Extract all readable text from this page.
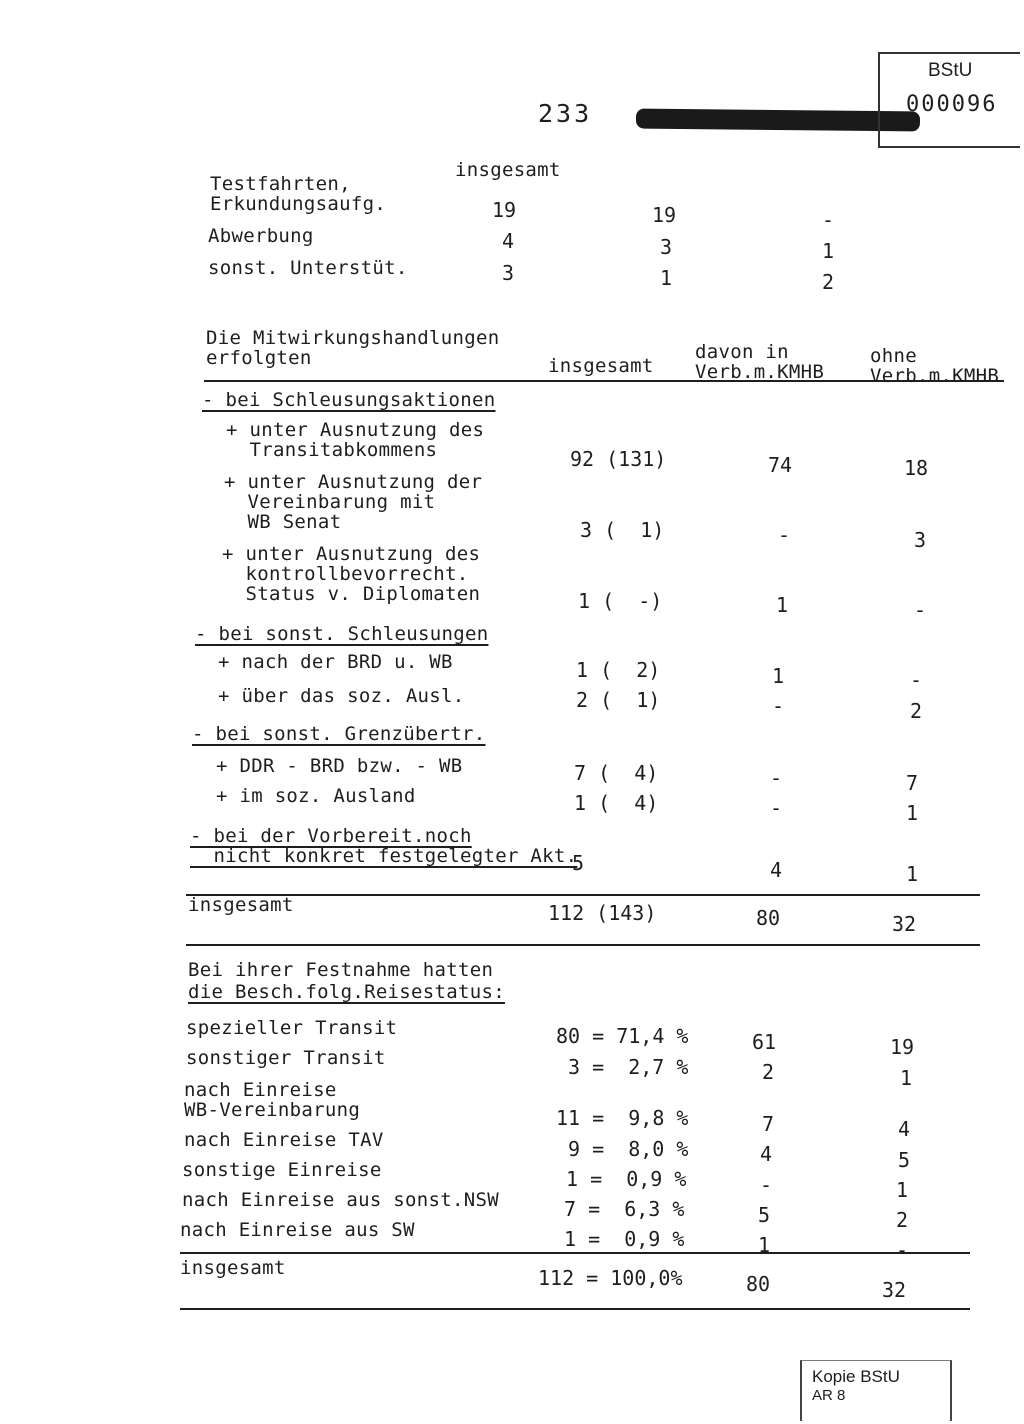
233
BStU
000096
insgesamt
Testfahrten,
Erkundungsaufg.	19	19	-
Abwerbung	4	3	1
sonst. Unterstüt.	3	1	2
Die Mitwirkungshandlungen
erfolgten	insgesamt
davon in
Verb.m.KMHB
ohne
Verb.m.KMHB
- bei Schleusungsaktionen
+ unter Ausnutzung des
Transitabkommens	92 (131)	74	18
+ unter Ausnutzung der
Vereinbarung mit
WB Senat	3 (  1)	-	3
+ unter Ausnutzung des
kontrollbevorrecht.
Status v. Diplomaten	1 (  -)	1	-
- bei sonst. Schleusungen
+ nach der BRD u. WB	1 (  2)	1	-
+ über das soz. Ausl.	2 (  1)	-	2
- bei sonst. Grenzübertr.
+ DDR - BRD bzw. - WB	7 (  4)	-	7
+ im soz. Ausland	1 (  4)	-	1
- bei der Vorbereit.noch
nicht konkret festgelegter Akt.
5	4	1
insgesamt	112 (143)	80	32
Bei ihrer Festnahme hatten
die Besch.folg.Reisestatus:
spezieller Transit	80 = 71,4 %	61	19
sonstiger Transit	3 =  2,7 %	2	1
nach Einreise
WB-Vereinbarung	11 =  9,8 %	7	4
nach Einreise TAV	9 =  8,0 %	4	5
sonstige Einreise	1 =  0,9 %	-	1
nach Einreise aus sonst.NSW	7 =  6,3 %	5	2
nach Einreise aus SW	1 =  0,9 %	1	-
insgesamt	112 = 100,0%	80	32
Kopie BStU
AR 8
